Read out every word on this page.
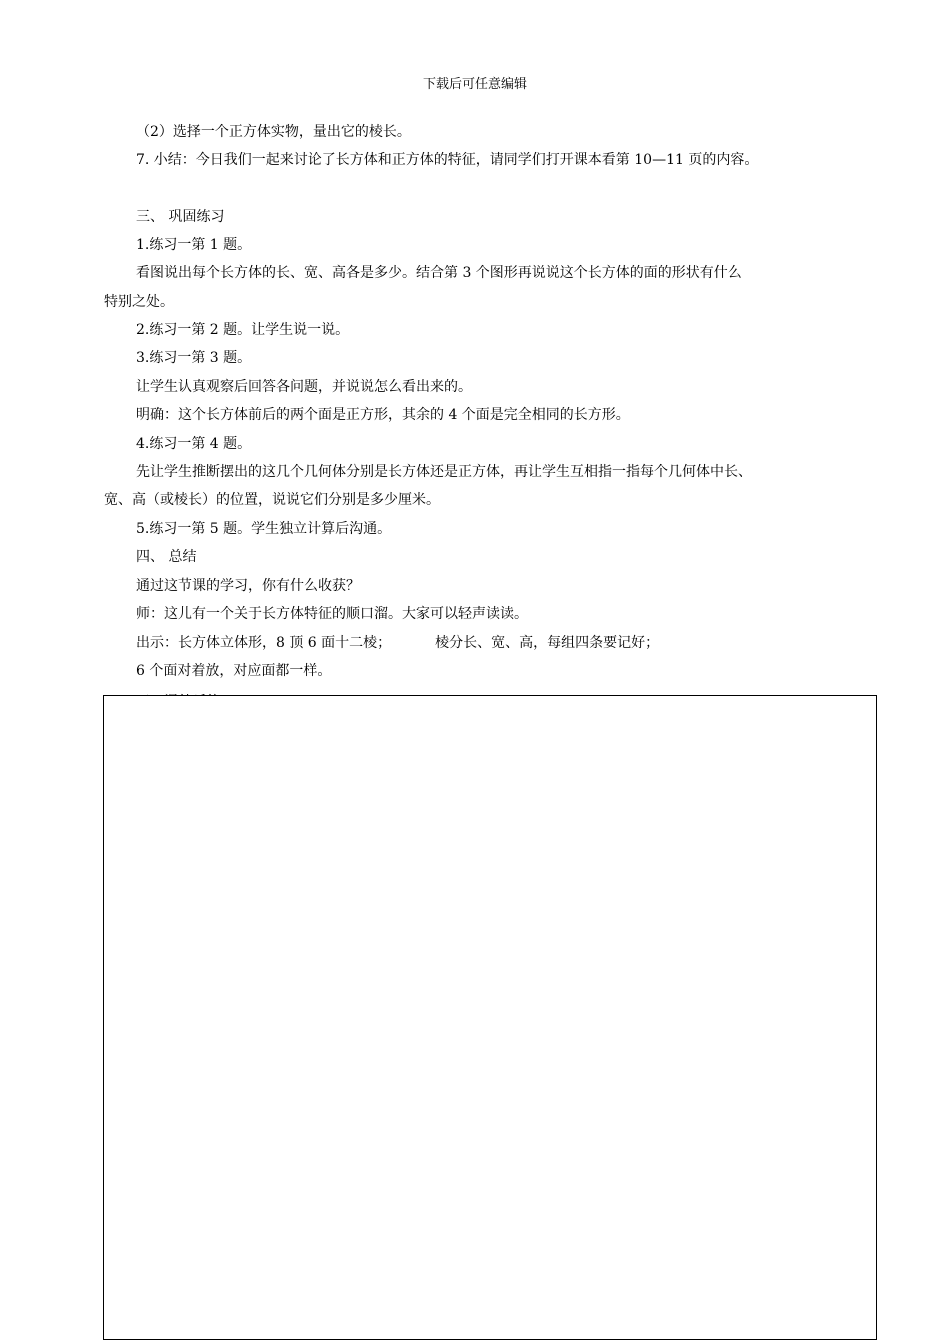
下载后可任意编辑
（2）选择一个正方体实物，量出它的棱长。
7. 小结：今日我们一起来讨论了长方体和正方体的特征，请同学们打开课本看第 10—11 页的内容。
三、 巩固练习
1.练习一第 1 题。
看图说出每个长方体的长、宽、高各是多少。结合第 3 个图形再说说这个长方体的面的形状有什么
特别之处。
2.练习一第 2 题。让学生说一说。
3.练习一第 3 题。
让学生认真观察后回答各问题，并说说怎么看出来的。
明确：这个长方体前后的两个面是正方形，其余的 4 个面是完全相同的长方形。
4.练习一第 4 题。
先让学生推断摆出的这几个几何体分别是长方体还是正方体，再让学生互相指一指每个几何体中长、
宽、高（或棱长）的位置，说说它们分别是多少厘米。
5.练习一第 5 题。学生独立计算后沟通。
四、 总结
通过这节课的学习，你有什么收获？
师：这儿有一个关于长方体特征的顺口溜。大家可以轻声读读。
出示：长方体立体形，8 顶 6 面十二棱；	棱分长、宽、高，每组四条要记好；
6 个面对着放，对应面都一样。
